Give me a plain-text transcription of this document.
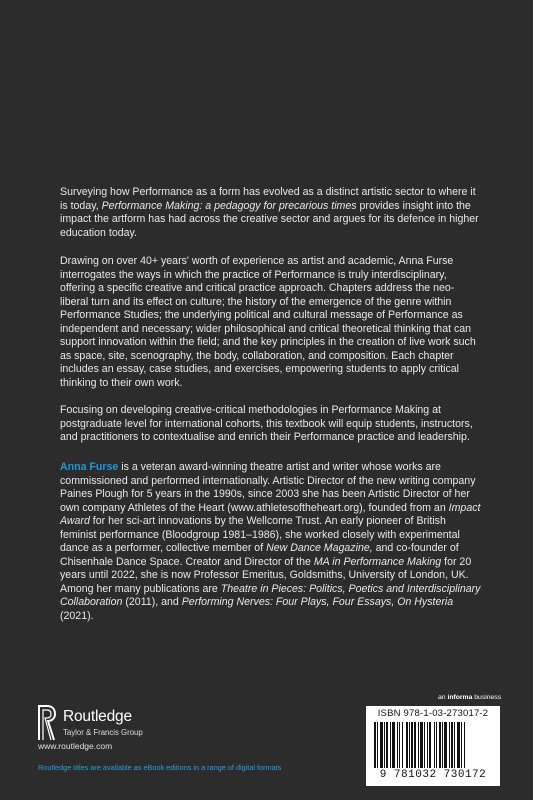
Surveying how Performance as a form has evolved as a distinct artistic sector to where it is today, Performance Making: a pedagogy for precarious times provides insight into the impact the artform has had across the creative sector and argues for its defence in higher education today.

Drawing on over 40+ years' worth of experience as artist and academic, Anna Furse interrogates the ways in which the practice of Performance is truly interdisciplinary, offering a specific creative and critical practice approach. Chapters address the neo-liberal turn and its effect on culture; the history of the emergence of the genre within Performance Studies; the underlying political and cultural message of Performance as independent and necessary; wider philosophical and critical theoretical thinking that can support innovation within the field; and the key principles in the creation of live work such as space, site, scenography, the body, collaboration, and composition. Each chapter includes an essay, case studies, and exercises, empowering students to apply critical thinking to their own work.

Focusing on developing creative-critical methodologies in Performance Making at postgraduate level for international cohorts, this textbook will equip students, instructors, and practitioners to contextualise and enrich their Performance practice and leadership.

Anna Furse is a veteran award-winning theatre artist and writer whose works are commissioned and performed internationally. Artistic Director of the new writing company Paines Plough for 5 years in the 1990s, since 2003 she has been Artistic Director of her own company Athletes of the Heart (www.athletesoftheheart.org), founded from an Impact Award for her sci-art innovations by the Wellcome Trust. An early pioneer of British feminist performance (Bloodgroup 1981–1986), she worked closely with experimental dance as a performer, collective member of New Dance Magazine, and co-founder of Chisenhale Dance Space. Creator and Director of the MA in Performance Making for 20 years until 2022, she is now Professor Emeritus, Goldsmiths, University of London, UK. Among her many publications are Theatre in Pieces: Politics, Poetics and Interdisciplinary Collaboration (2011), and Performing Nerves: Four Plays, Four Essays, On Hysteria (2021).

Routledge
Taylor & Francis Group
www.routledge.com
Routledge titles are available as eBook editions in a range of digital formats
an informa business
ISBN 978-1-03-273017-2
9 781032 730172
